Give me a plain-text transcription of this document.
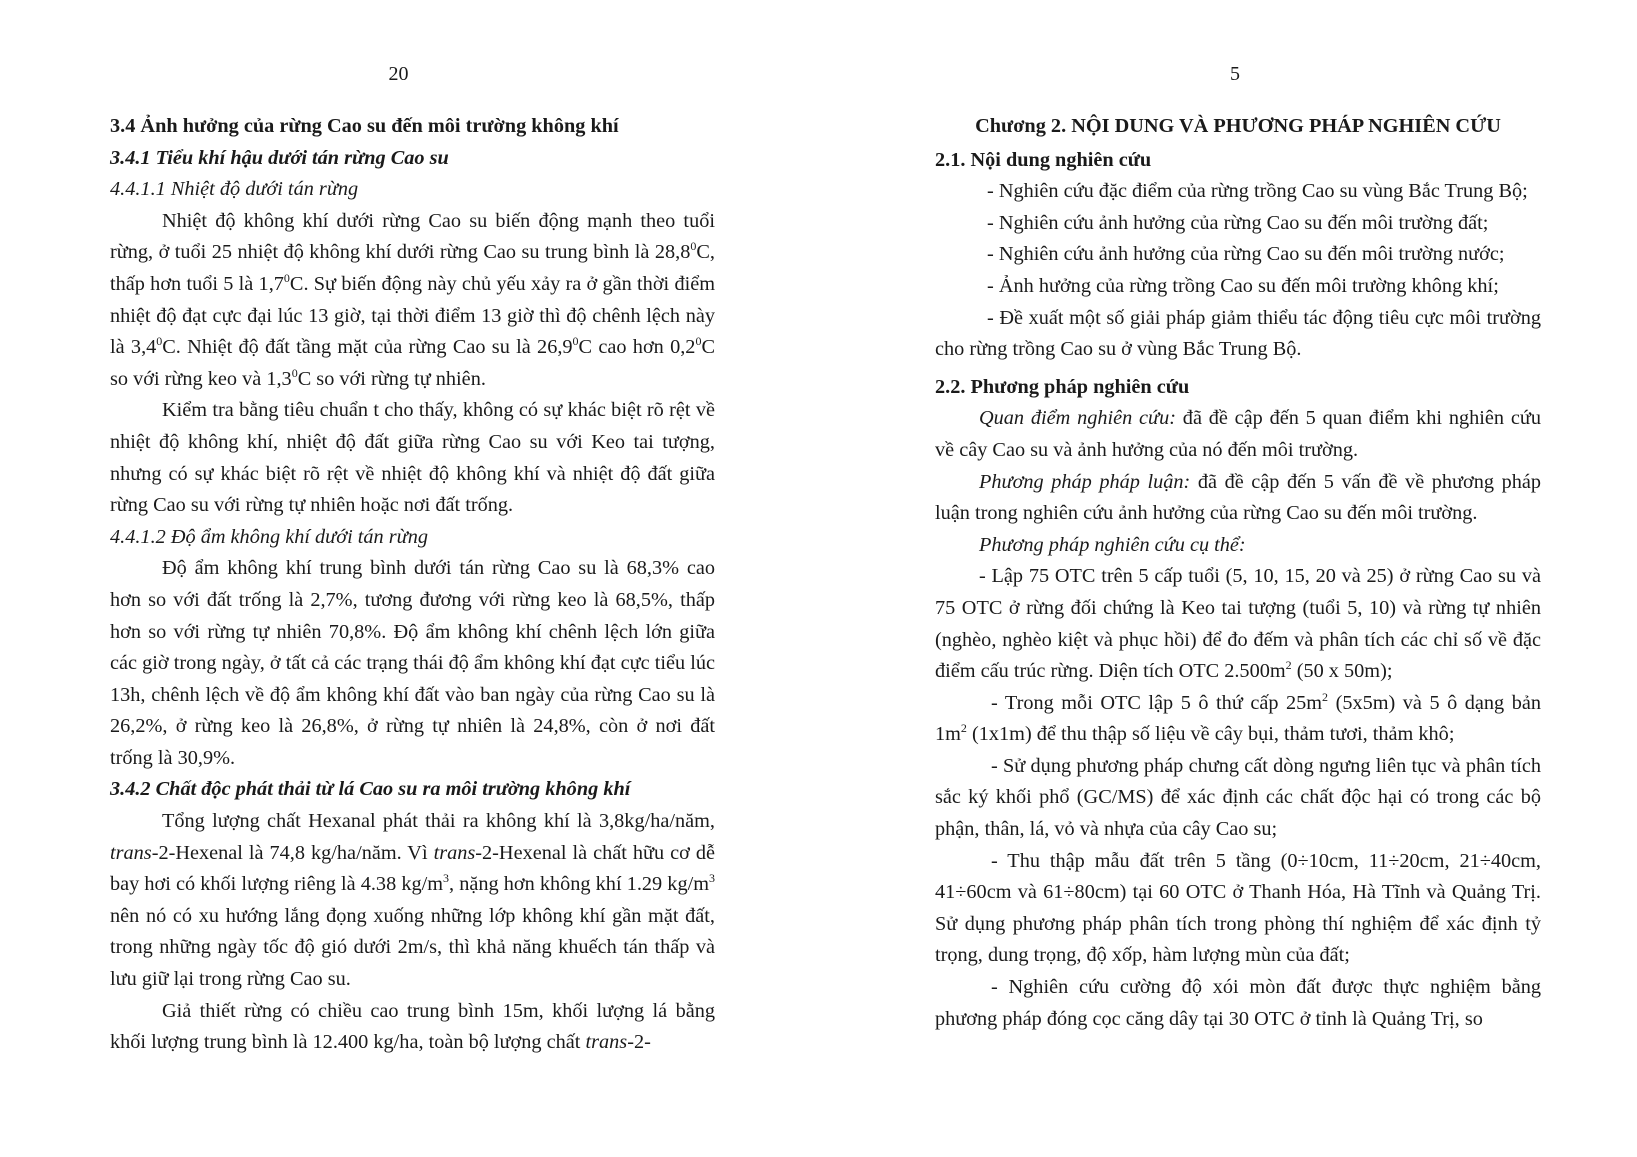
20
3.4 Ảnh hưởng của rừng Cao su đến môi trường không khí
3.4.1 Tiểu khí hậu dưới tán rừng Cao su
4.4.1.1 Nhiệt độ dưới tán rừng

Nhiệt độ không khí dưới rừng Cao su biến động mạnh theo tuổi rừng, ở tuổi 25 nhiệt độ không khí dưới rừng Cao su trung bình là 28,8$^0$C, thấp hơn tuổi 5 là $1,7^0C$. Sự biến động này chủ yếu xảy ra ở gần thời điểm nhiệt độ đạt cực đại lúc 13 giờ, tại thời điểm 13 giờ thì độ chênh lệch này là $3,4^0C$. Nhiệt độ đất tầng mặt của rừng Cao su là 26,9$^0$C cao hơn $0,2^0C$ so với rừng keo và $1,3^0C$ so với rừng tự nhiên.

Kiểm tra bằng tiêu chuẩn t cho thấy, không có sự khác biệt rõ rệt về nhiệt độ không khí, nhiệt độ đất giữa rừng Cao su với Keo tai tượng, nhưng có sự khác biệt rõ rệt về nhiệt độ không khí và nhiệt độ đất giữa rừng Cao su với rừng tự nhiên hoặc nơi đất trống.

4.4.1.2 Độ ẩm không khí dưới tán rừng

Độ ẩm không khí trung bình dưới tán rừng Cao su là 68,3% cao hơn so với đất trống là 2,7%, tương đương với rừng keo là 68,5%, thấp hơn so với rừng tự nhiên 70,8%. Độ ẩm không khí chênh lệch lớn giữa các giờ trong ngày, ở tất cả các trạng thái độ ẩm không khí đạt cực tiểu lúc 13h, chênh lệch về độ ẩm không khí đất vào ban ngày của rừng Cao su là 26,2%, ở rừng keo là 26,8%, ở rừng tự nhiên là 24,8%, còn ở nơi đất trống là 30,9%.

3.4.2 Chất độc phát thải từ lá Cao su ra môi trường không khí

Tổng lượng chất Hexanal phát thải ra không khí là 3,8kg/ha/năm, trans-2-Hexenal là 74,8 kg/ha/năm. Vì trans-2-Hexenal là chất hữu cơ dễ bay hơi có khối lượng riêng là 4.38 $kg/m^3$, nặng hơn không khí 1.29 $kg/m^3$ nên nó có xu hướng lắng đọng xuống những lớp không khí gần mặt đất, trong những ngày tốc độ gió dưới 2m/s, thì khả năng khuếch tán thấp và lưu giữ lại trong rừng Cao su.

Giả thiết rừng có chiều cao trung bình 15m, khối lượng lá bằng khối lượng trung bình là 12.400 kg/ha, toàn bộ lượng chất trans-2-

5
Chương 2. NỘI DUNG VÀ PHƯƠNG PHÁP NGHIÊN CỨU
2.1. Nội dung nghiên cứu
- Nghiên cứu đặc điểm của rừng trồng Cao su vùng Bắc Trung Bộ;
- Nghiên cứu ảnh hưởng của rừng Cao su đến môi trường đất;
- Nghiên cứu ảnh hưởng của rừng Cao su đến môi trường nước;
- Ảnh hưởng của rừng trồng Cao su đến môi trường không khí;

- Đề xuất một số giải pháp giảm thiểu tác động tiêu cực môi trường cho rừng trồng Cao su ở vùng Bắc Trung Bộ.

2.2. Phương pháp nghiên cứu

Quan điểm nghiên cứu: đã đề cập đến 5 quan điểm khi nghiên cứu về cây Cao su và ảnh hưởng của nó đến môi trường.

Phương pháp pháp luận: đã đề cập đến 5 vấn đề về phương pháp luận trong nghiên cứu ảnh hưởng của rừng Cao su đến môi trường.

Phương pháp nghiên cứu cụ thể:

- Lập 75 OTC trên 5 cấp tuổi (5, 10, 15, 20 và 25) ở rừng Cao su và 75 OTC ở rừng đối chứng là Keo tai tượng (tuổi 5, 10) và rừng tự nhiên (nghèo, nghèo kiệt và phục hồi) để đo đếm và phân tích các chỉ số về đặc điểm cấu trúc rừng. Diện tích OTC $2.500m^2$ (50 x 50m);

- Trong mỗi OTC lập 5 ô thứ cấp $25m^2$ (5x5m) và 5 ô dạng bản $1m^2$ (1x1m) để thu thập số liệu về cây bụi, thảm tươi, thảm khô;

- Sử dụng phương pháp chưng cất dòng ngưng liên tục và phân tích sắc ký khối phổ (GC/MS) để xác định các chất độc hại có trong các bộ phận, thân, lá, vỏ và nhựa của cây Cao su;

- Thu thập mẫu đất trên 5 tầng (0÷10cm, 11÷20cm, 21÷40cm, 41÷60cm và 61÷80cm) tại 60 OTC ở Thanh Hóa, Hà Tĩnh và Quảng Trị. Sử dụng phương pháp phân tích trong phòng thí nghiệm để xác định tỷ trọng, dung trọng, độ xốp, hàm lượng mùn của đất;

- Nghiên cứu cường độ xói mòn đất được thực nghiệm bằng phương pháp đóng cọc căng dây tại 30 OTC ở tỉnh là Quảng Trị, so
